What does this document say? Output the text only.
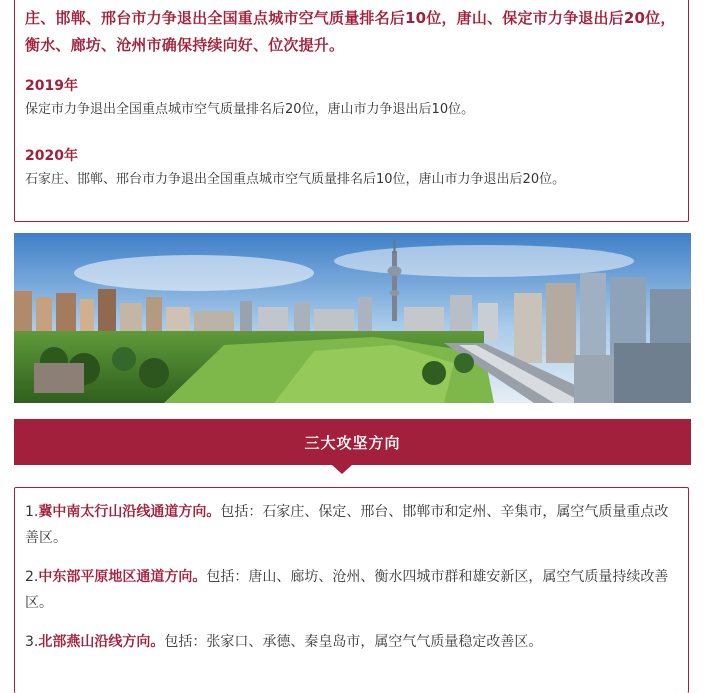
庄、邯郸、邢台市力争退出全国重点城市空气质量排名后10位，唐山、保定市力争退出后20位，衡水、廊坊、沧州市确保持续向好、位次提升。

2019年

保定市力争退出全国重点城市空气质量排名后20位，唐山市力争退出后10位。

2020年

石家庄、邯郸、邢台市力争退出全国重点城市空气质量排名后10位，唐山市力争退出后20位。

三大攻坚方向

1.冀中南太行山沿线通道方向。包括：石家庄、保定、邢台、邯郸市和定州、辛集市，属空气质量重点改善区。

2.中东部平原地区通道方向。包括：唐山、廊坊、沧州、衡水四城市群和雄安新区，属空气质量持续改善区。

3.北部燕山沿线方向。包括：张家口、承德、秦皇岛市，属空气气质量稳定改善区。
